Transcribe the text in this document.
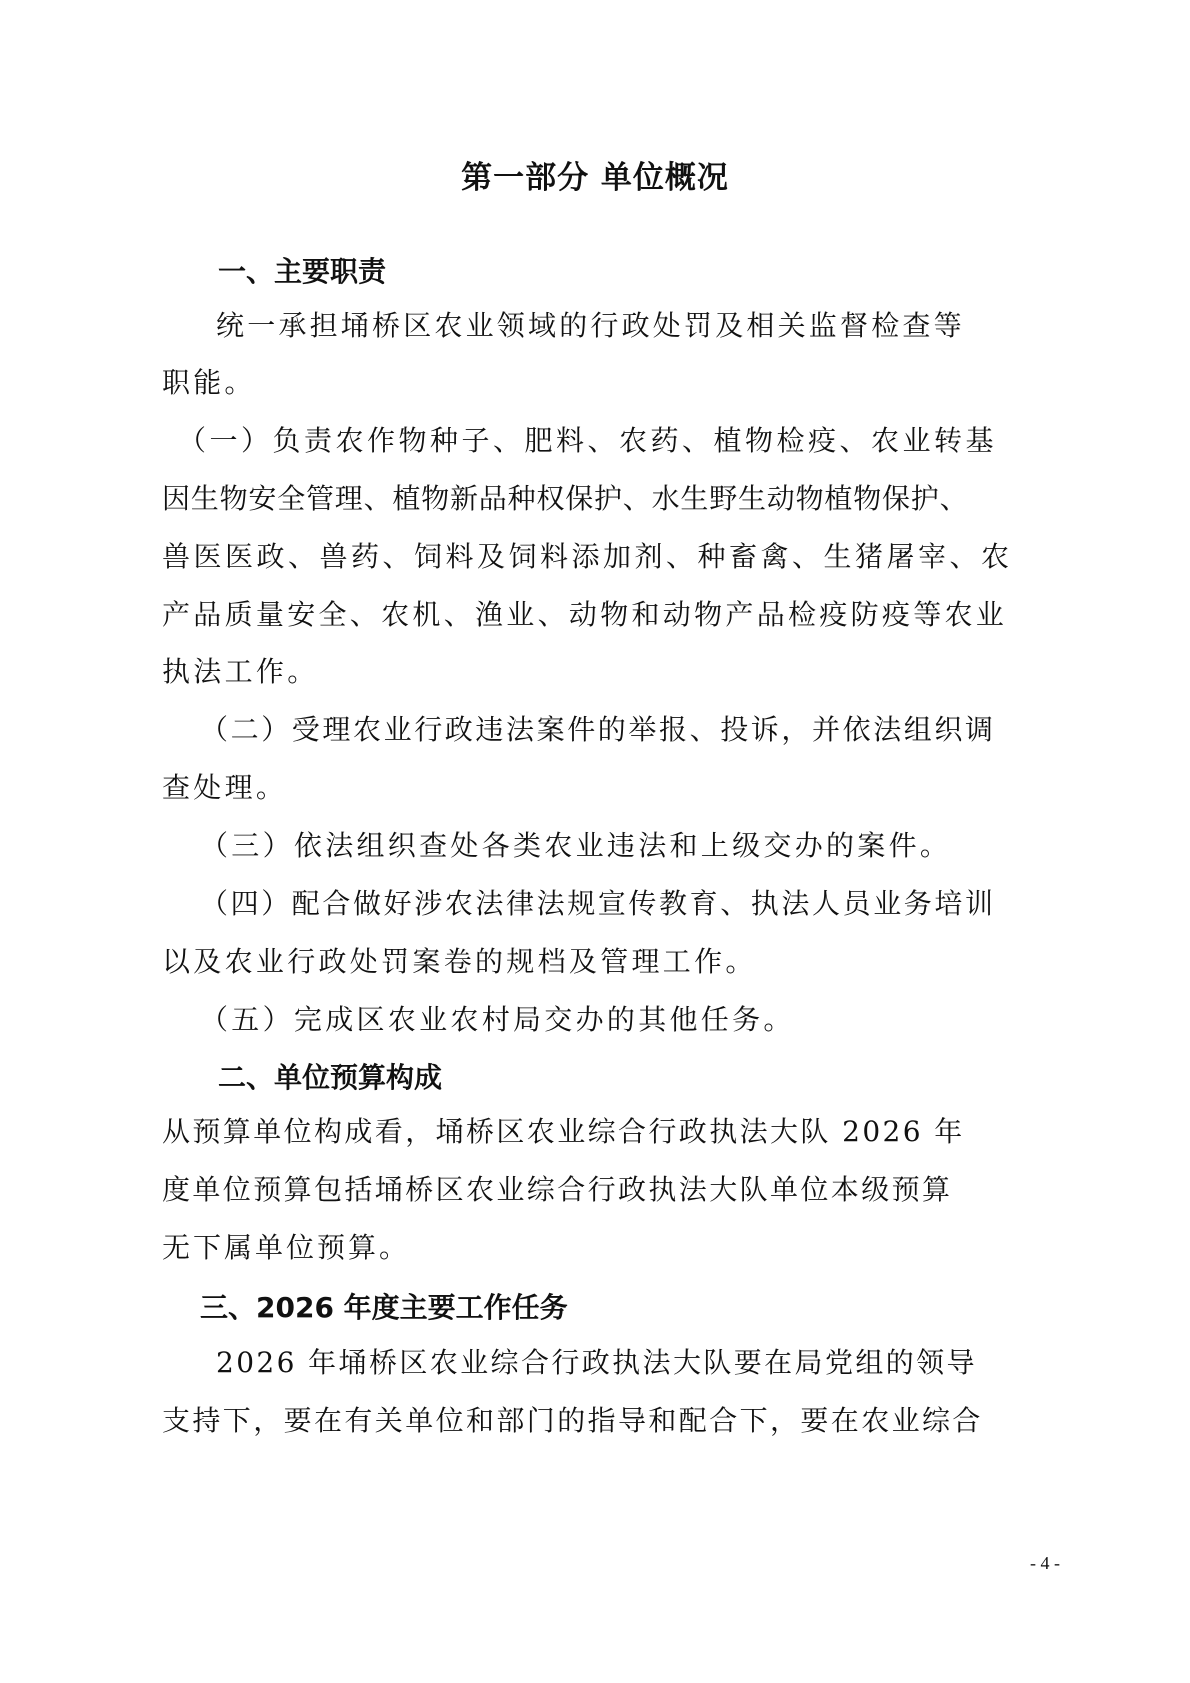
第一部分 单位概况
一、主要职责
统一承担埇桥区农业领域的行政处罚及相关监督检查等
职能。
（一）负责农作物种子、肥料、农药、植物检疫、农业转基
因生物安全管理、植物新品种权保护、水生野生动物植物保护、
兽医医政、兽药、饲料及饲料添加剂、种畜禽、生猪屠宰、农
产品质量安全、农机、渔业、动物和动物产品检疫防疫等农业
执法工作。
（二）受理农业行政违法案件的举报、投诉，并依法组织调
查处理。
（三）依法组织查处各类农业违法和上级交办的案件。
（四）配合做好涉农法律法规宣传教育、执法人员业务培训
以及农业行政处罚案卷的规档及管理工作。
（五）完成区农业农村局交办的其他任务。
二、单位预算构成
从预算单位构成看，埇桥区农业综合行政执法大队 2026 年
度单位预算包括埇桥区农业综合行政执法大队单位本级预算
无下属单位预算。
三、2026 年度主要工作任务
2026 年埇桥区农业综合行政执法大队要在局党组的领导
支持下，要在有关单位和部门的指导和配合下，要在农业综合
- 4 -
